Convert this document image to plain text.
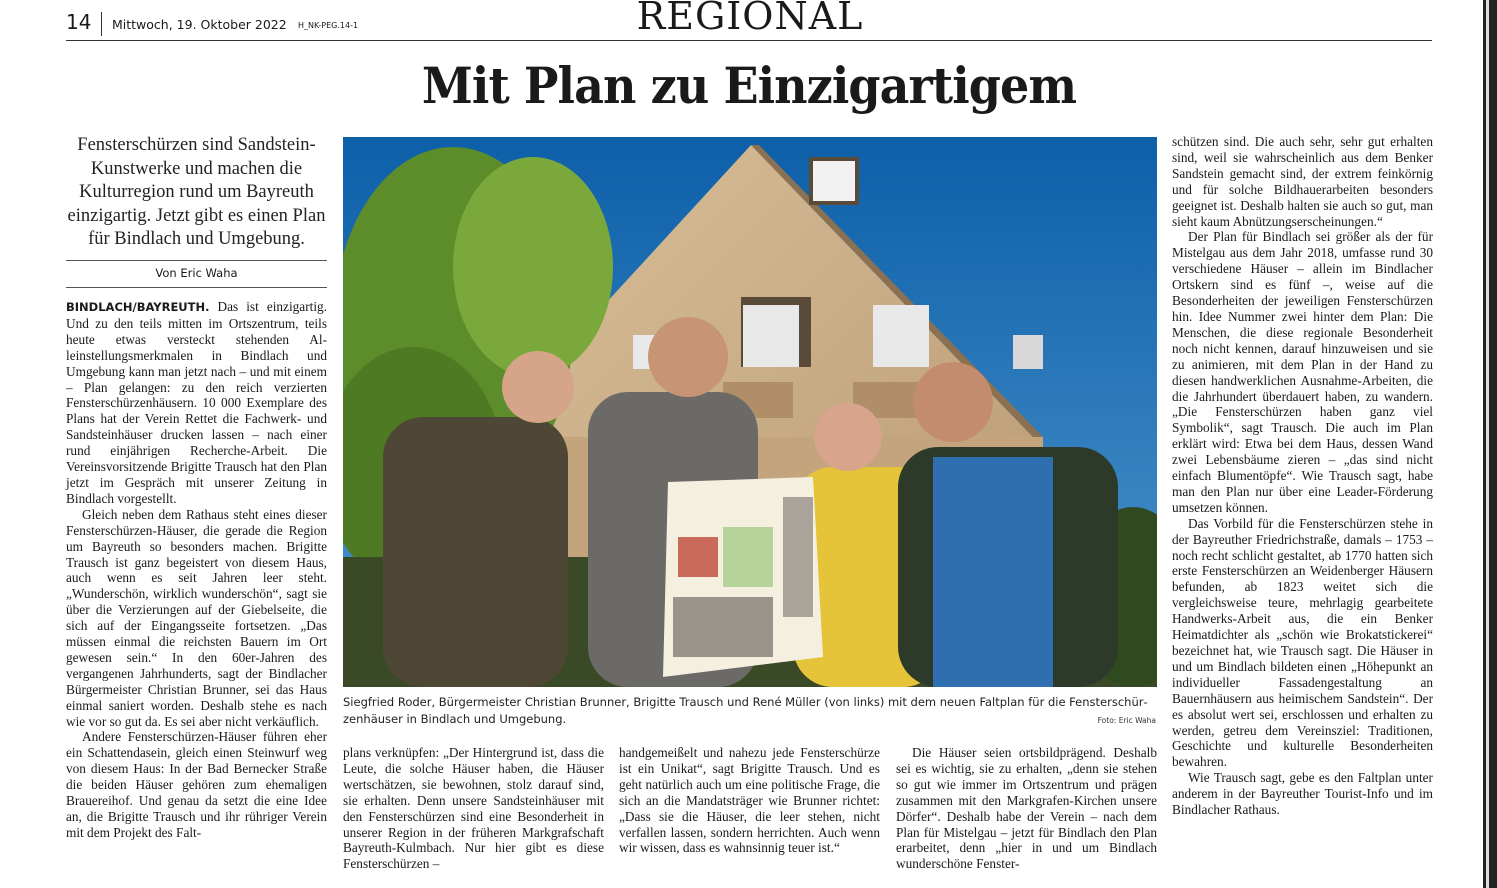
14 Mittwoch, 19. Oktober 2022 H_NK-PEG.14-1	REGIONAL
Mit Plan zu Einzigartigem
Fensterschürzen sind Sandstein-Kunstwerke und machen die Kulturregion rund um Bayreuth einzigartig. Jetzt gibt es einen Plan für Bindlach und Umgebung.
Von Eric Waha

BINDLACH/BAYREUTH. Das ist einzigartig. Und zu den teils mitten im Ortszentrum, teils heute etwas versteckt stehenden Alleinstellungsmerkmalen in Bindlach und Umgebung kann man jetzt nach – und mit einem – Plan gelangen: zu den reich verzierten Fensterschürzenhäusern. 10 000 Exemplare des Plans hat der Verein Rettet die Fachwerk- und Sandsteinhäuser drucken lassen – nach einer rund einjährigen Recherche-Arbeit. Die Vereinsvorsitzende Brigitte Trausch hat den Plan jetzt im Gespräch mit unserer Zeitung in Bindlach vorgestellt.

Gleich neben dem Rathaus steht eines dieser Fensterschürzen-Häuser, die gerade die Region um Bayreuth so besonders machen. Brigitte Trausch ist ganz begeistert von diesem Haus, auch wenn es seit Jahren leer steht. „Wunderschön, wirklich wunderschön“, sagt sie über die Verzierungen auf der Giebelseite, die sich auf der Eingangsseite fortsetzen. „Das müssen einmal die reichsten Bauern im Ort gewesen sein.“ In den 60er-Jahren des vergangenen Jahrhunderts, sagt der Bindlacher Bürgermeister Christian Brunner, sei das Haus einmal saniert worden. Deshalb stehe es nach wie vor so gut da. Es sei aber nicht verkäuflich.

Andere Fensterschürzen-Häuser führen eher ein Schattendasein, gleich einen Steinwurf weg von diesem Haus: In der Bad Bernecker Straße die beiden Häuser gehören zum ehemaligen Brauereihof. Und genau da setzt die eine Idee an, die Brigitte Trausch und ihr rühriger Verein mit dem Projekt des Falt-

Siegfried Roder, Bürgermeister Christian Brunner, Brigitte Trausch und René Müller (von links) mit dem neuen Faltplan für die Fensterschürzenhäuser in Bindlach und Umgebung.	Foto: Eric Waha

plans verknüpfen: „Der Hintergrund ist, dass die Leute, die solche Häuser haben, die Häuser wertschätzen, sie bewohnen, stolz darauf sind, sie erhalten. Denn unsere Sandsteinhäuser mit den Fensterschürzen sind eine Besonderheit in unserer Region in der früheren Markgrafschaft Bayreuth-Kulmbach. Nur hier gibt es diese Fensterschürzen –

handgemeißelt und nahezu jede Fensterschürze ist ein Unikat“, sagt Brigitte Trausch. Und es geht natürlich auch um eine politische Frage, die sich an die Mandatsträger wie Brunner richtet: „Dass sie die Häuser, die leer stehen, nicht verfallen lassen, sondern herrichten. Auch wenn wir wissen, dass es wahnsinnig teuer ist.“

Die Häuser seien ortsbildprägend. Deshalb sei es wichtig, sie zu erhalten, „denn sie stehen so gut wie immer im Ortszentrum und prägen zusammen mit den Markgrafen-Kirchen unsere Dörfer“. Deshalb habe der Verein – nach dem Plan für Mistelgau – jetzt für Bindlach den Plan erarbeitet, denn „hier in und um Bindlach wunderschöne Fenster-

schützen sind. Die auch sehr, sehr gut erhalten sind, weil sie wahrscheinlich aus dem Benker Sandstein gemacht sind, der extrem feinkörnig und für solche Bildhauerarbeiten besonders geeignet ist. Deshalb halten sie auch so gut, man sieht kaum Abnützungserscheinungen.“

Der Plan für Bindlach sei größer als der für Mistelgau aus dem Jahr 2018, umfasse rund 30 verschiedene Häuser – allein im Bindlacher Ortskern sind es fünf –, weise auf die Besonderheiten der jeweiligen Fensterschürzen hin. Idee Nummer zwei hinter dem Plan: Die Menschen, die diese regionale Besonderheit noch nicht kennen, darauf hinzuweisen und sie zu animieren, mit dem Plan in der Hand zu diesen handwerklichen Ausnahme-Arbeiten, die die Jahrhundert überdauert haben, zu wandern. „Die Fensterschürzen haben ganz viel Symbolik“, sagt Trausch. Die auch im Plan erklärt wird: Etwa bei dem Haus, dessen Wand zwei Lebensbäume zieren – „das sind nicht einfach Blumentöpfe“. Wie Trausch sagt, habe man den Plan nur über eine Leader-Förderung umsetzen können.

Das Vorbild für die Fensterschürzen stehe in der Bayreuther Friedrichstraße, damals – 1753 – noch recht schlicht gestaltet, ab 1770 hatten sich erste Fensterschürzen an Weidenberger Häusern befunden, ab 1823 weitet sich die vergleichsweise teure, mehrlagig gearbeitete Handwerks-Arbeit aus, die ein Benker Heimatdichter als „schön wie Brokatstickerei“ bezeichnet hat, wie Trausch sagt. Die Häuser in und um Bindlach bildeten einen „Höhepunkt an individueller Fassadengestaltung an Bauernhäusern aus heimischem Sandstein“. Der es absolut wert sei, erschlossen und erhalten zu werden, getreu dem Vereinsziel: Traditionen, Geschichte und kulturelle Besonderheiten bewahren.

Wie Trausch sagt, gebe es den Faltplan unter anderem in der Bayreuther Tourist-Info und im Bindlacher Rathaus.
